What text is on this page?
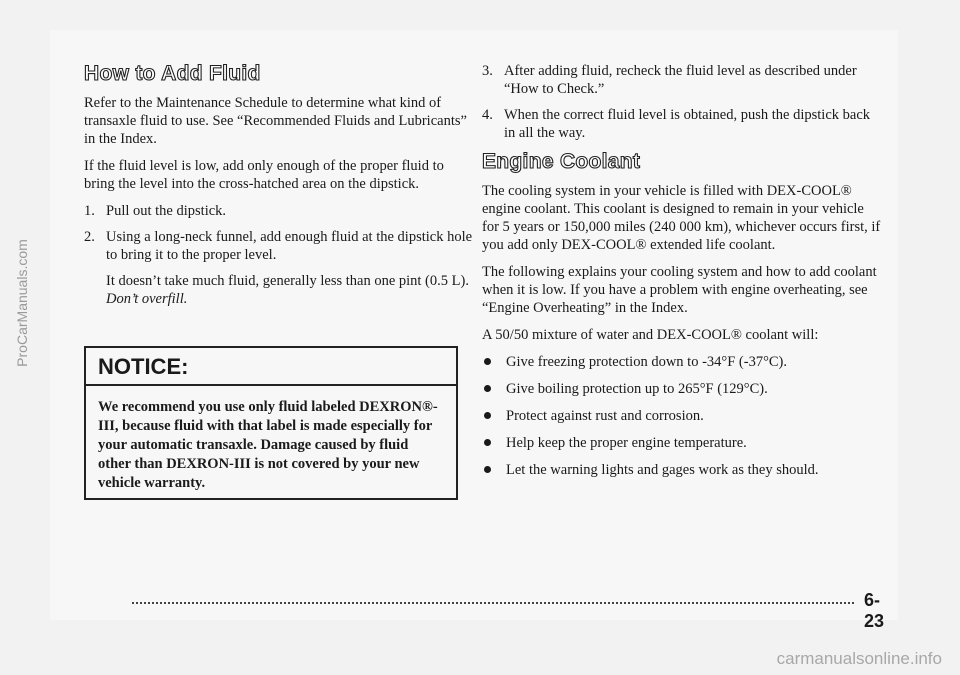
How to Add Fluid

Refer to the Maintenance Schedule to determine what kind of transaxle fluid to use. See “Recommended Fluids and Lubricants” in the Index.

If the fluid level is low, add only enough of the proper fluid to bring the level into the cross-hatched area on the dipstick.

1. Pull out the dipstick.
2. Using a long-neck funnel, add enough fluid at the dipstick hole to bring it to the proper level.

It doesn’t take much fluid, generally less than one pint (0.5 L). Don’t overfill.

NOTICE:
We recommend you use only fluid labeled DEXRON®-III, because fluid with that label is made especially for your automatic transaxle. Damage caused by fluid other than DEXRON-III is not covered by your new vehicle warranty.
3. After adding fluid, recheck the fluid level as described under “How to Check.”
4. When the correct fluid level is obtained, push the dipstick back in all the way.
Engine Coolant

The cooling system in your vehicle is filled with DEX-COOL® engine coolant. This coolant is designed to remain in your vehicle for 5 years or 150,000 miles (240 000 km), whichever occurs first, if you add only DEX-COOL® extended life coolant.

The following explains your cooling system and how to add coolant when it is low. If you have a problem with engine overheating, see “Engine Overheating” in the Index.

A 50/50 mixture of water and DEX-COOL® coolant will:

Give freezing protection down to -34°F (-37°C).
Give boiling protection up to 265°F (129°C).
Protect against rust and corrosion.
Help keep the proper engine temperature.
Let the warning lights and gages work as they should.
6-23
ProCarManuals.com
carmanualsonline.info
